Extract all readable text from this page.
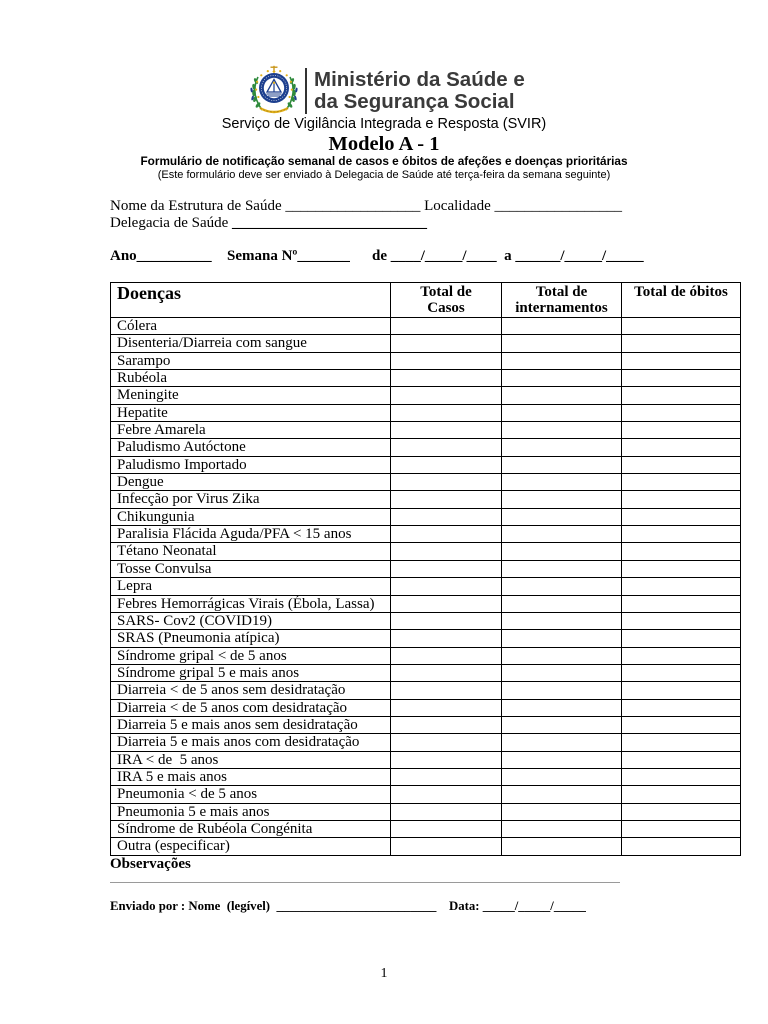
Ministério da Saúde e
da Segurança Social
Serviço de Vigilância Integrada e Resposta (SVIR)
Modelo A - 1
Formulário de notificação semanal de casos e óbitos de afeções e doenças prioritárias
(Este formulário deve ser enviado à Delegacia de Saúde até terça-feira da semana seguinte)
Nome da Estrutura de Saúde __________________ Localidade _________________
Delegacia de Saúde __________________________
Ano__________ Semana Nº_______ de ____/_____/____  a ______/_____/_____
Doenças	Total de
Casos
Total de
internamentos
Total de óbitos
Cólera
Disenteria/Diarreia com sangue
Sarampo
Rubéola
Meningite
Hepatite
Febre Amarela
Paludismo Autóctone
Paludismo Importado
Dengue
Infecção por Virus Zika
Chikungunia
Paralisia Flácida Aguda/PFA < 15 anos
Tétano Neonatal
Tosse Convulsa
Lepra
Febres Hemorrágicas Virais (Ébola, Lassa)
SARS- Cov2 (COVID19)
SRAS (Pneumonia atípica)
Síndrome gripal < de 5 anos
Síndrome gripal 5 e mais anos
Diarreia < de 5 anos sem desidratação
Diarreia < de 5 anos com desidratação
Diarreia 5 e mais anos sem desidratação
Diarreia 5 e mais anos com desidratação
IRA < de  5 anos
IRA 5 e mais anos
Pneumonia < de 5 anos
Pneumonia 5 e mais anos
Síndrome de Rubéola Congénita
Outra (especificar)
Observações
Enviado por : Nome  (legível)  _________________________ Data: _____/_____/_____
1
